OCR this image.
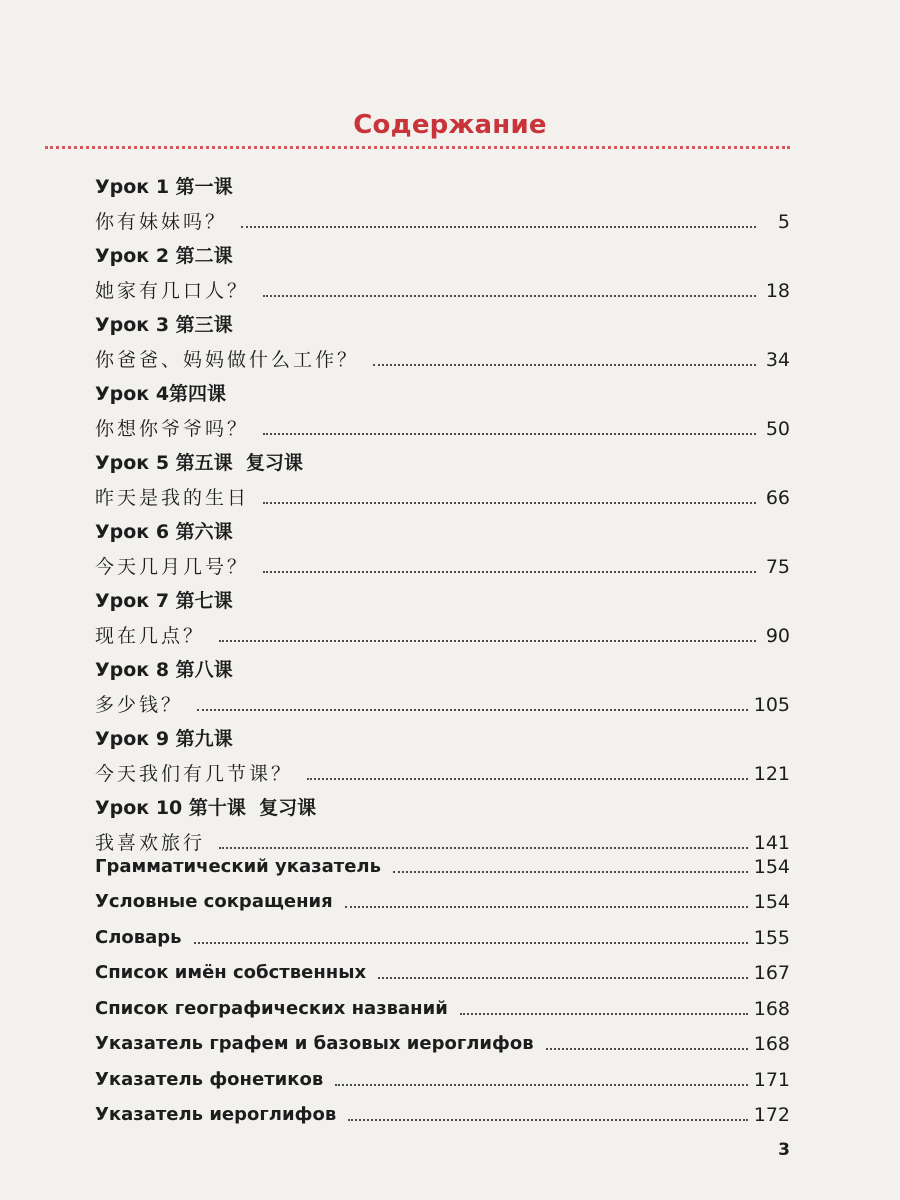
Содержание
Урок 1 第一课
你有妹妹吗？	5
Урок 2 第二课
她家有几口人？	18
Урок 3 第三课
你爸爸、妈妈做什么工作？	34
Урок 4第四课
你想你爷爷吗？	50
Урок 5 第五课  复习课
昨天是我的生日	66
Урок 6 第六课
今天几月几号？	75
Урок 7 第七课
现在几点？	90
Урок 8 第八课
多少钱？	105
Урок 9 第九课
今天我们有几节课？	121
Урок 10 第十课  复习课
我喜欢旅行	141
Грамматический указатель	154
Условные сокращения	154
Словарь	155
Список имён собственных	167
Список географических названий	168
Указатель графем и базовых иероглифов	168
Указатель фонетиков	171
Указатель иероглифов	172
3
